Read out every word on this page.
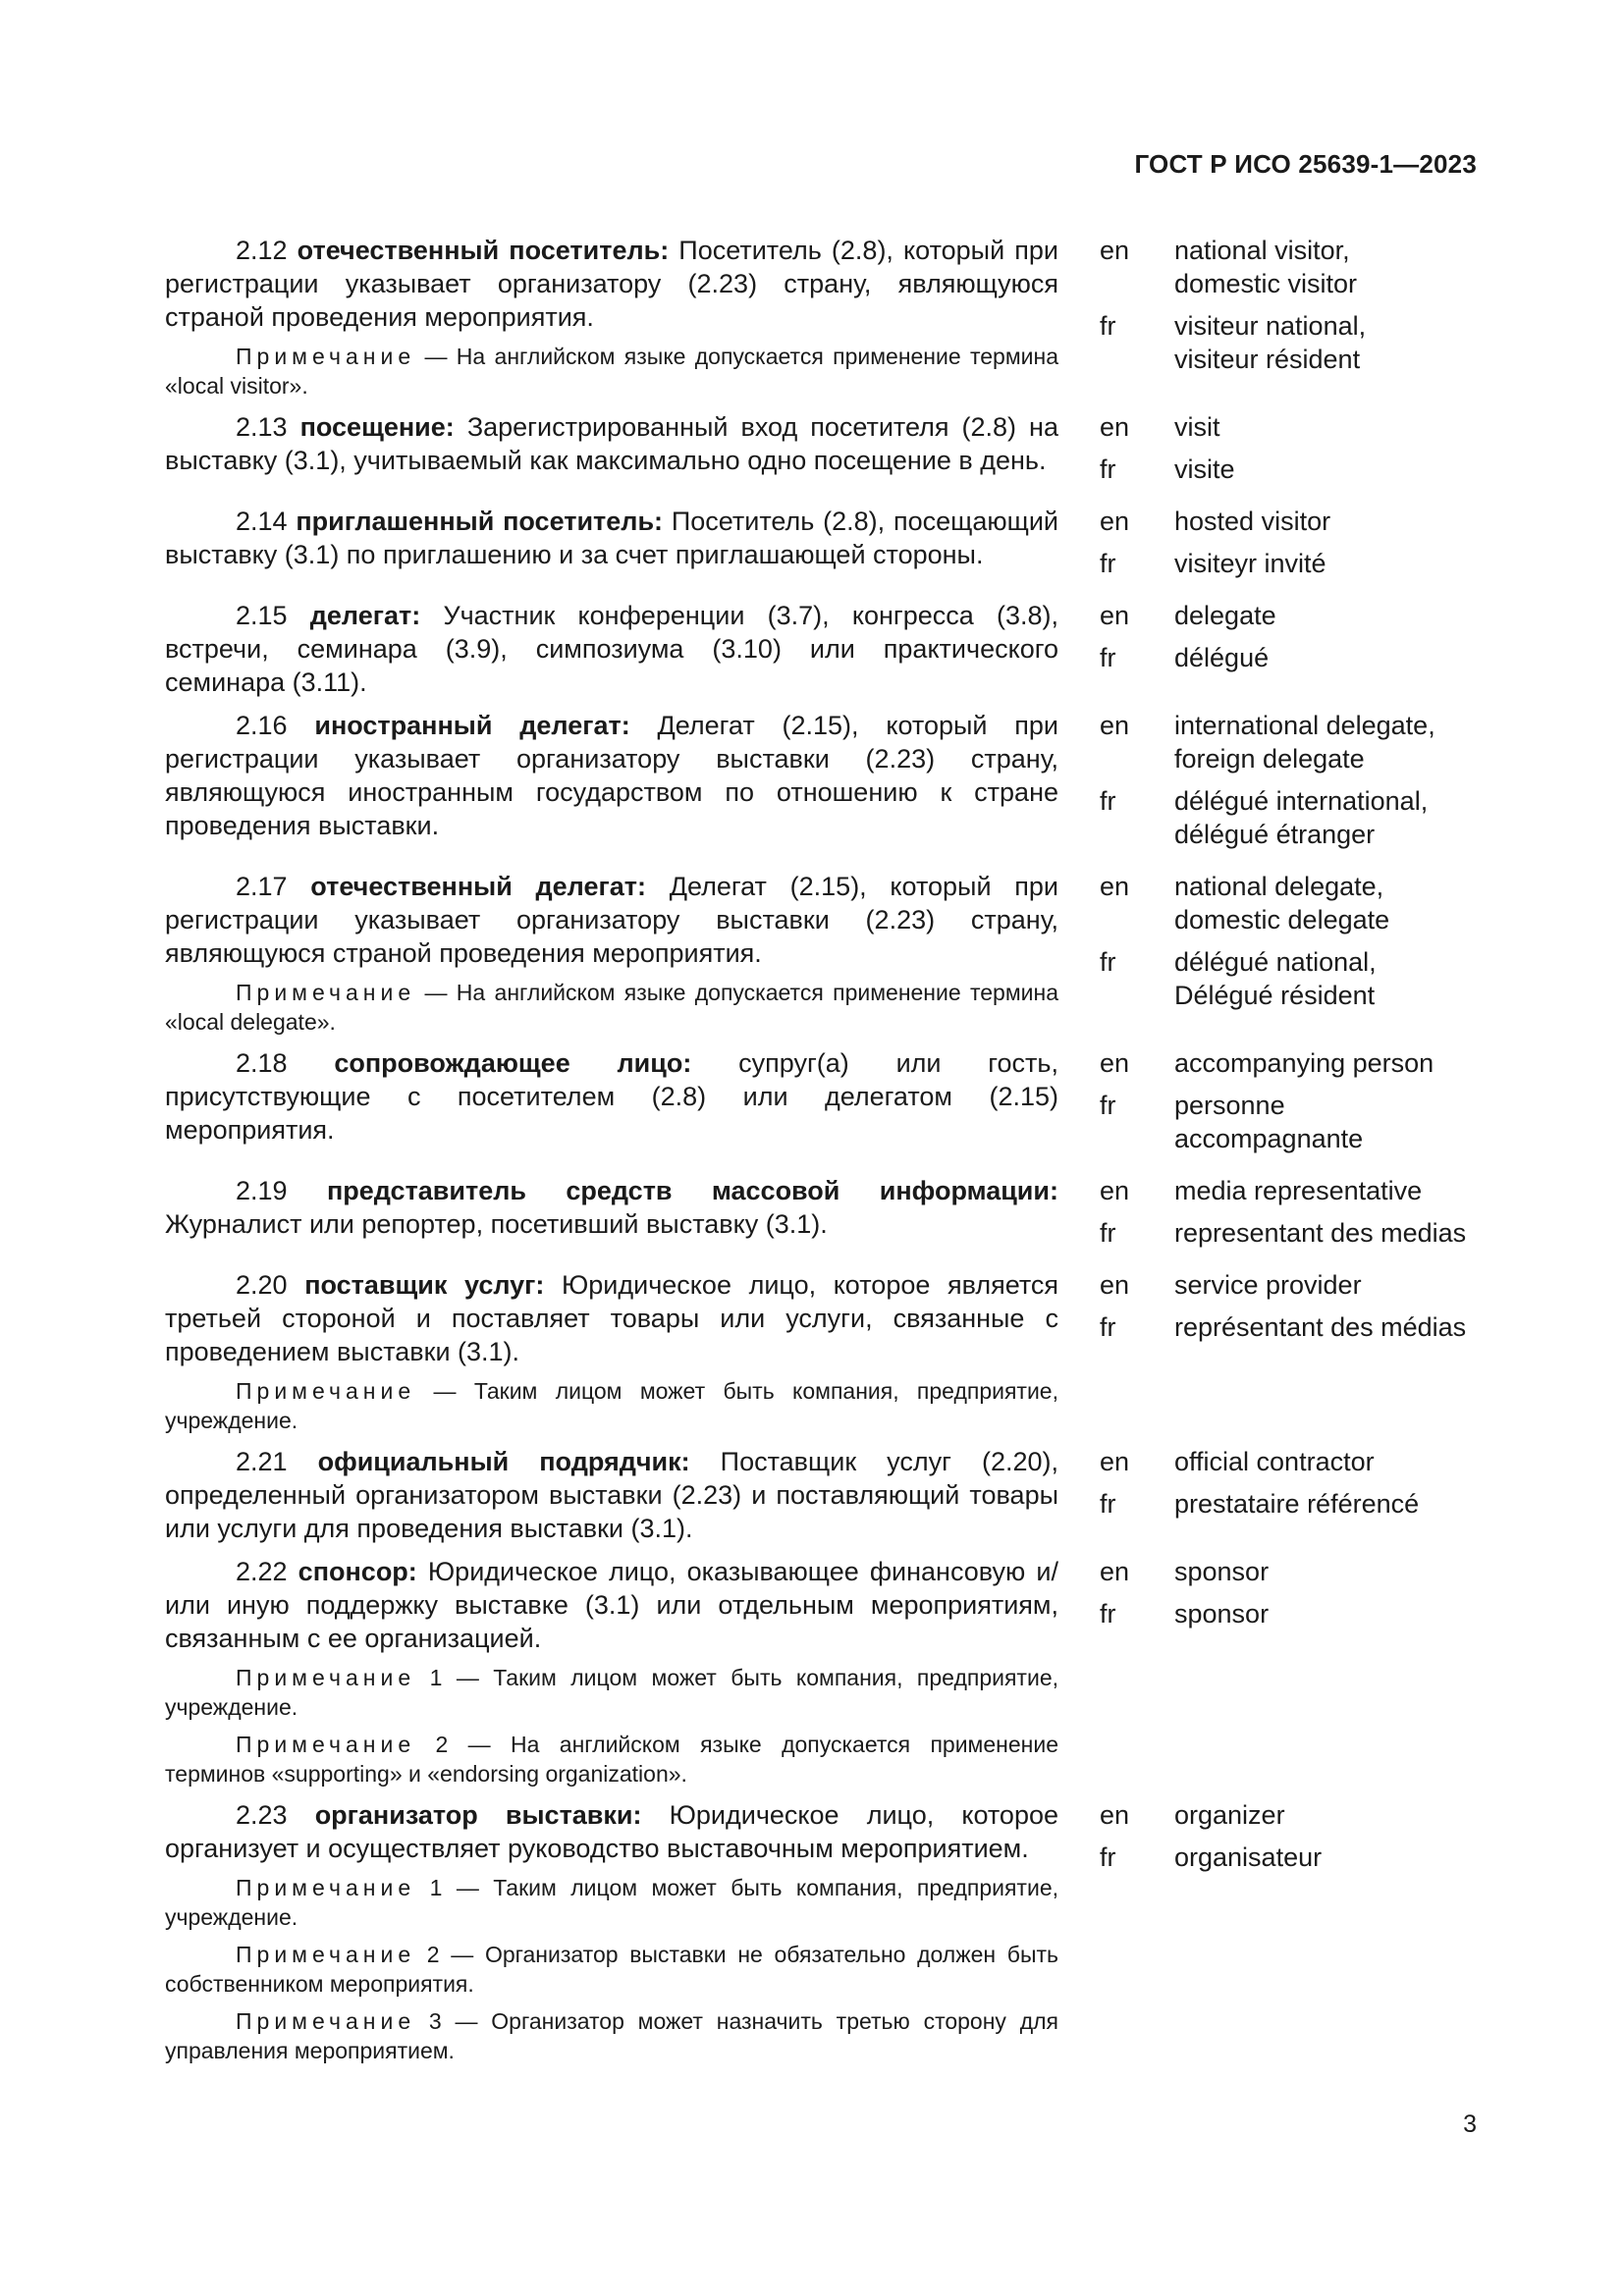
ГОСТ Р ИСО 25639-1—2023

2.12 отечественный посетитель: Посетитель (2.8), который при регистрации указывает организатору (2.23) страну, являющуюся страной проведения мероприятия.

Примечание — На английском языке допускается применение термина «local visitor».

en	national visitor,
domestic visitor
fr	visiteur national,
visiteur résident

2.13 посещение: Зарегистрированный вход посетителя (2.8) на выставку (3.1), учитываемый как максимально одно посещение в день.

en	visit
fr	visite

2.14 приглашенный посетитель: Посетитель (2.8), посещающий выставку (3.1) по приглашению и за счет приглашающей стороны.

en	hosted visitor
fr	visiteyr invité

2.15 делегат: Участник конференции (3.7), конгресса (3.8), встречи, семинара (3.9), симпозиума (3.10) или практического семинара (3.11).

en	delegate
fr	délégué

2.16 иностранный делегат: Делегат (2.15), который при регистрации указывает организатору выставки (2.23) страну, являющуюся иностранным государством по отношению к стране проведения выставки.

en	international delegate,
foreign delegate
fr	délégué international,
délégué étranger

2.17 отечественный делегат: Делегат (2.15), который при регистрации указывает организатору выставки (2.23) страну, являющуюся страной проведения мероприятия.

Примечание — На английском языке допускается применение термина «local delegate».

en	national delegate,
domestic delegate
fr	délégué national,
Délégué résident

2.18 сопровождающее лицо: супруг(а) или гость, присутствующие с посетителем (2.8) или делегатом (2.15) мероприятия.

en	accompanying person
fr	personne
accompagnante

2.19 представитель средств массовой информации: Журналист или репортер, посетивший выставку (3.1).

en	media representative
fr	representant des medias

2.20 поставщик услуг: Юридическое лицо, которое является третьей стороной и поставляет товары или услуги, связанные с проведением выставки (3.1).

Примечание — Таким лицом может быть компания, предприятие, учреждение.

en	service provider
fr	représentant des médias

2.21 официальный подрядчик: Поставщик услуг (2.20), определенный организатором выставки (2.23) и поставляющий товары или услуги для проведения выставки (3.1).

en	official contractor
fr	prestataire référencé

2.22 спонсор: Юридическое лицо, оказывающее финансовую и/или иную поддержку выставке (3.1) или отдельным мероприятиям, связанным с ее организацией.

Примечание 1 — Таким лицом может быть компания, предприятие, учреждение.

Примечание 2 — На английском языке допускается применение терминов «supporting» и «endorsing organization».

en	sponsor
fr	sponsor

2.23 организатор выставки: Юридическое лицо, которое организует и осуществляет руководство выставочным мероприятием.

Примечание 1 — Таким лицом может быть компания, предприятие, учреждение.

Примечание 2 — Организатор выставки не обязательно должен быть собственником мероприятия.

Примечание 3 — Организатор может назначить третью сторону для управления мероприятием.

en	organizer
fr	organisateur
3
